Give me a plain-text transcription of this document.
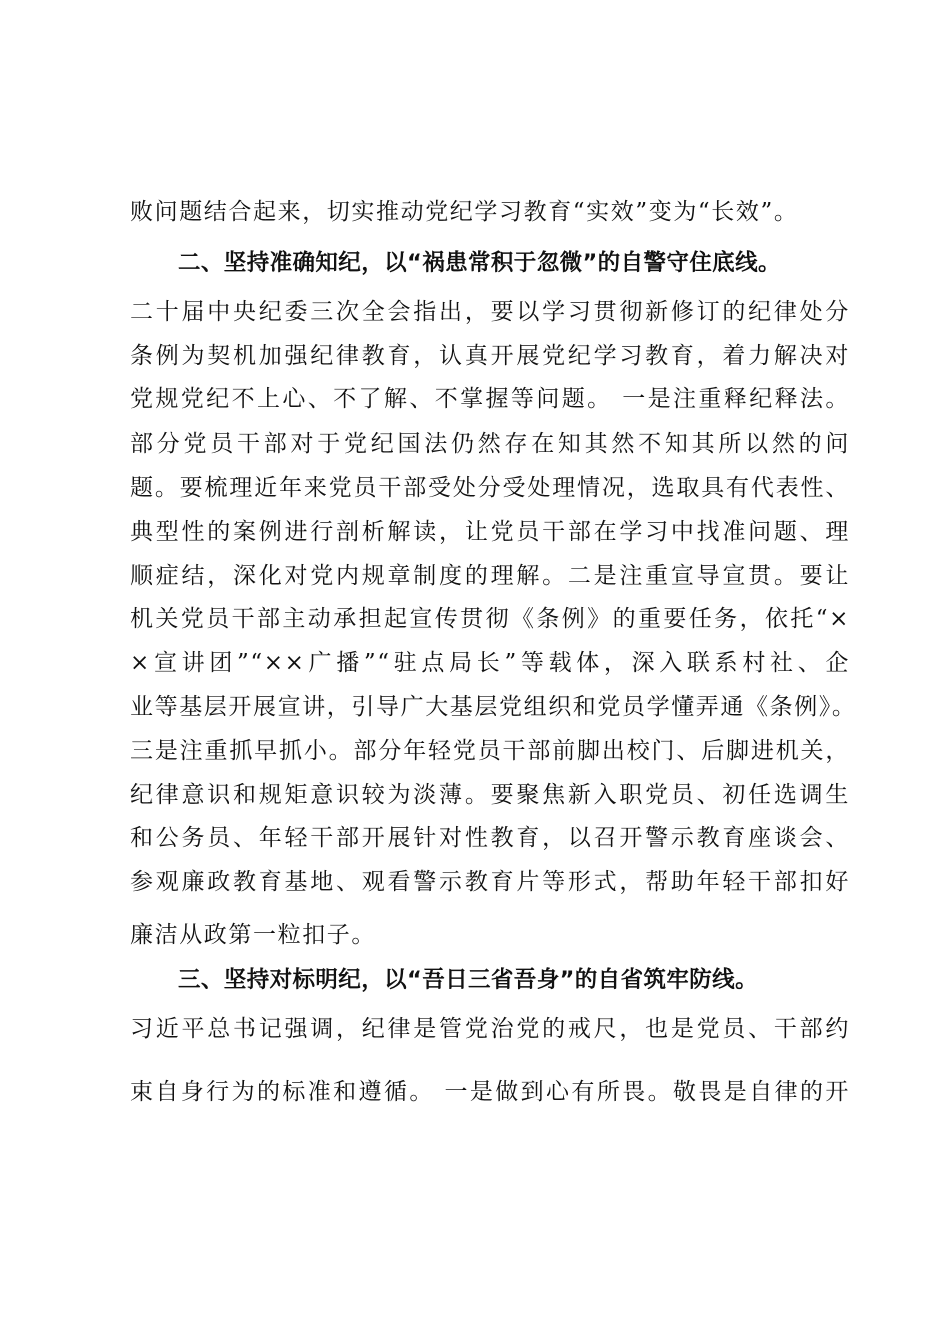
败问题结合起来，切实推动党纪学习教育“实效”变为“长效”。
二、坚持准确知纪，以“祸患常积于忽微”的自警守住底线。
二十届中央纪委三次全会指出，要以学习贯彻新修订的纪律处分
条例为契机加强纪律教育，认真开展党纪学习教育，着力解决对
党规党纪不上心、不了解、不掌握等问题。 一是注重释纪释法。
部分党员干部对于党纪国法仍然存在知其然不知其所以然的问
题。要梳理近年来党员干部受处分受处理情况，选取具有代表性、
典型性的案例进行剖析解读，让党员干部在学习中找准问题、理
顺症结，深化对党内规章制度的理解。二是注重宣导宣贯。要让
机关党员干部主动承担起宣传贯彻《条例》的重要任务，依托“×
×宣讲团”“××广播”“驻点局长”等载体，深入联系村社、企
业等基层开展宣讲，引导广大基层党组织和党员学懂弄通《条例》。
三是注重抓早抓小。部分年轻党员干部前脚出校门、后脚进机关，
纪律意识和规矩意识较为淡薄。要聚焦新入职党员、初任选调生
和公务员、年轻干部开展针对性教育，以召开警示教育座谈会、
参观廉政教育基地、观看警示教育片等形式，帮助年轻干部扣好
廉洁从政第一粒扣子。
三、坚持对标明纪，以“吾日三省吾身”的自省筑牢防线。
习近平总书记强调，纪律是管党治党的戒尺，也是党员、干部约
束自身行为的标准和遵循。 一是做到心有所畏。敬畏是自律的开
